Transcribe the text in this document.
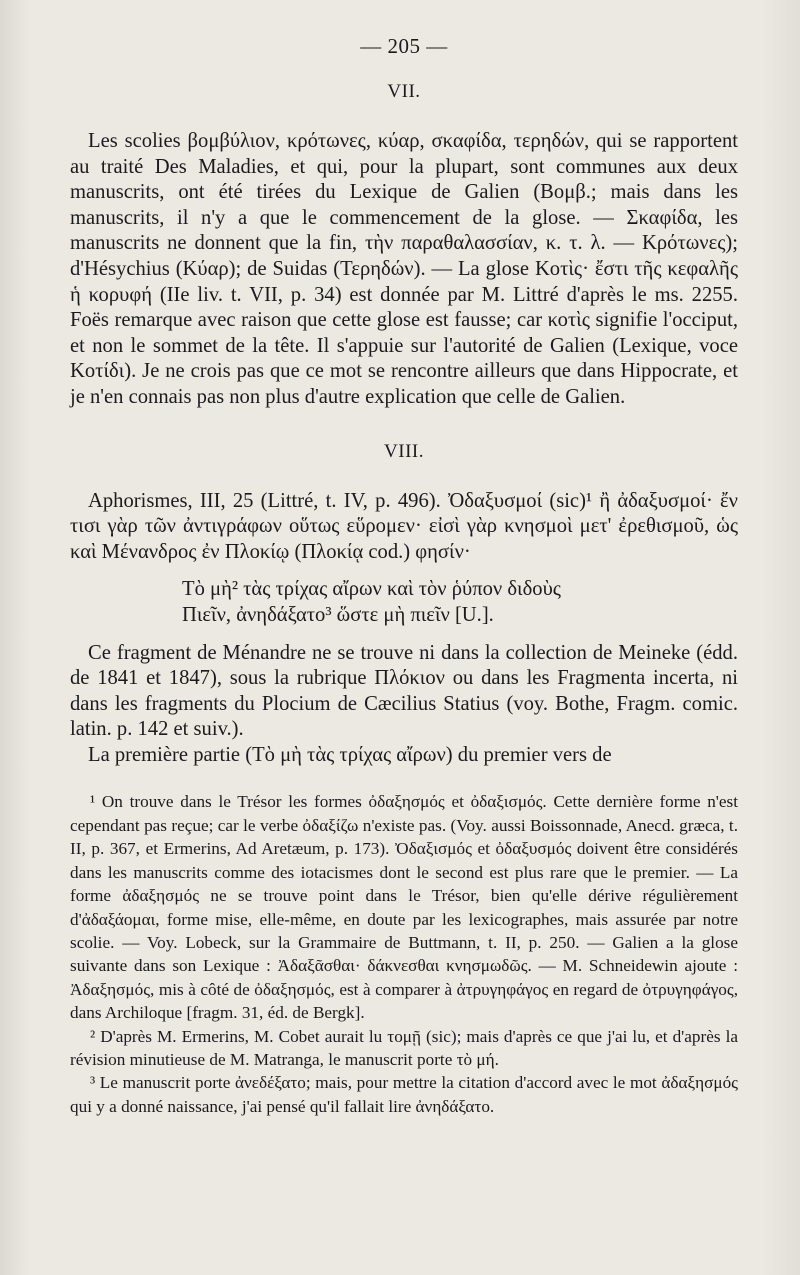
— 205 —
VII.

Les scolies βομβύλιον, κρότωνες, κύαρ, σκαφίδα, τερηδών, qui se rapportent au traité Des Maladies, et qui, pour la plupart, sont communes aux deux manuscrits, ont été tirées du Lexique de Galien (Βομβ.; mais dans les manuscrits, il n'y a que le commencement de la glose. — Σκαφίδα, les manuscrits ne donnent que la fin, τὴν παραθαλασσίαν, κ. τ. λ. — Κρότωνες); d'Hésychius (Κύαρ); de Suidas (Τερηδών). — La glose Κοτὶς· ἔστι τῆς κεφαλῆς ἡ κορυφή (IIe liv. t. VII, p. 34) est donnée par M. Littré d'après le ms. 2255. Foës remarque avec raison que cette glose est fausse; car κοτὶς signifie l'occiput, et non le sommet de la tête. Il s'appuie sur l'autorité de Galien (Lexique, voce Κοτίδι). Je ne crois pas que ce mot se rencontre ailleurs que dans Hippocrate, et je n'en connais pas non plus d'autre explication que celle de Galien.

VIII.

Aphorismes, III, 25 (Littré, t. IV, p. 496). Ὀδαξυσμοί (sic)¹ ἢ ἀδαξυσμοί· ἔν τισι γὰρ τῶν ἀντιγράφων οὕτως εὕρομεν· εἰσὶ γὰρ κνησμοὶ μετ' ἐρεθισμοῦ, ὡς καὶ Μένανδρος ἐν Πλοκίῳ (Πλοκίᾳ cod.) φησίν·

Τὸ μὴ² τὰς τρίχας αἴρων καὶ τὸν ῥύπον διδοὺς
Πιεῖν, ἀνηδάξατο³ ὥστε μὴ πιεῖν [U.].

Ce fragment de Ménandre ne se trouve ni dans la collection de Meineke (édd. de 1841 et 1847), sous la rubrique Πλόκιον ou dans les Fragmenta incerta, ni dans les fragments du Plocium de Cæcilius Statius (voy. Bothe, Fragm. comic. latin. p. 142 et suiv.).

La première partie (Τὸ μὴ τὰς τρίχας αἴρων) du premier vers de

¹ On trouve dans le Trésor les formes ὀδαξησμός et ὀδαξισμός. Cette dernière forme n'est cependant pas reçue; car le verbe ὀδαξίζω n'existe pas. (Voy. aussi Boissonnade, Anecd. græca, t. II, p. 367, et Ermerins, Ad Aretæum, p. 173). Ὀδαξισμός et ὀδαξυσμός doivent être considérés dans les manuscrits comme des iotacismes dont le second est plus rare que le premier. — La forme ἀδαξησμός ne se trouve point dans le Trésor, bien qu'elle dérive régulièrement d'ἀδαξάομαι, forme mise, elle-même, en doute par les lexicographes, mais assurée par notre scolie. — Voy. Lobeck, sur la Grammaire de Buttmann, t. II, p. 250. — Galien a la glose suivante dans son Lexique : Ἀδαξᾶσθαι· δάκνεσθαι κνησμωδῶς. — M. Schneidewin ajoute : Ἀδαξησμός, mis à côté de ὀδαξησμός, est à comparer à ἀτρυγηφάγος en regard de ὀτρυγηφάγος, dans Archiloque [fragm. 31, éd. de Bergk].

² D'après M. Ermerins, M. Cobet aurait lu τομῇ (sic); mais d'après ce que j'ai lu, et d'après la révision minutieuse de M. Matranga, le manuscrit porte τὸ μή.

³ Le manuscrit porte ἀνεδέξατο; mais, pour mettre la citation d'accord avec le mot ἀδαξησμός qui y a donné naissance, j'ai pensé qu'il fallait lire ἀνηδάξατο.
